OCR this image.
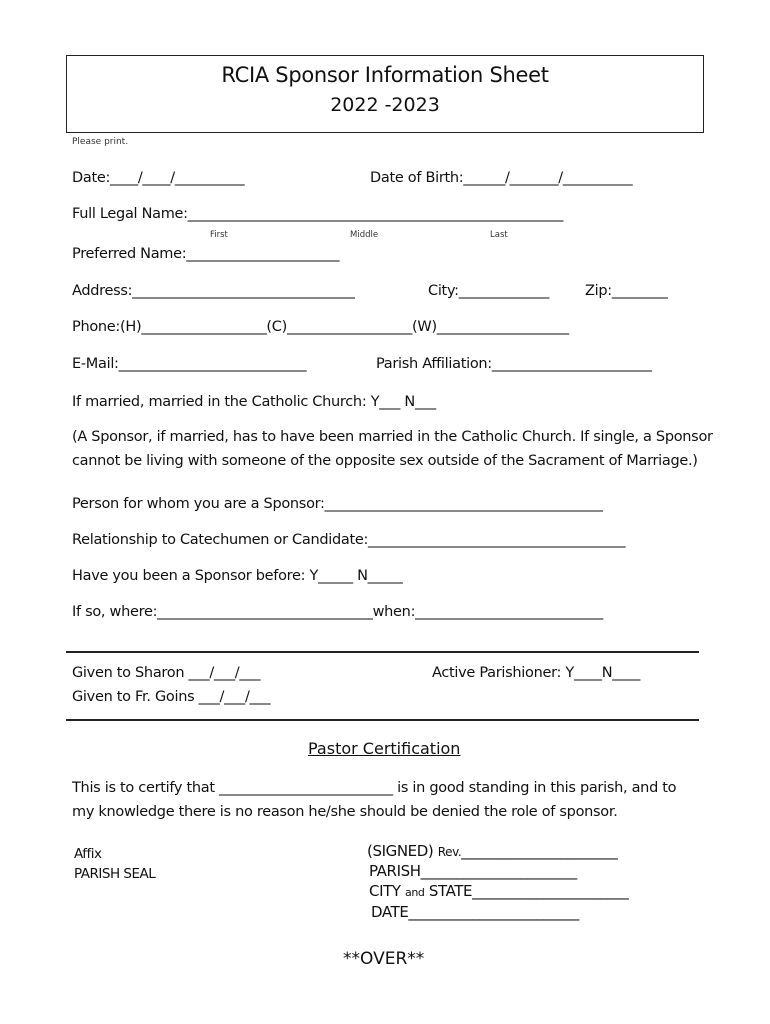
RCIA Sponsor Information Sheet
2022 -2023
Please print.
Date:____/____/__________	Date of Birth:______/_______/__________
Full Legal Name:______________________________________________________
First	Middle	Last
Preferred Name:______________________
Address:________________________________	City:_____________ Zip:________
Phone:(H)__________________(C)__________________(W)___________________
E-Mail:___________________________	Parish Affiliation:_______________________
If married, married in the Catholic Church: Y___ N___
(A Sponsor, if married, has to have been married in the Catholic Church. If single, a Sponsor
cannot be living with someone of the opposite sex outside of the Sacrament of Marriage.)
Person for whom you are a Sponsor:________________________________________
Relationship to Catechumen or Candidate:_____________________________________
Have you been a Sponsor before: Y_____ N_____
If so, where:_______________________________when:___________________________
Given to Sharon ___/___/___	Active Parishioner: Y____N____
Given to Fr. Goins ___/___/___
Pastor Certification
This is to certify that _________________________ is in good standing in this parish, and to
my knowledge there is no reason he/she should be denied the role of sponsor.
Affix
PARISH SEAL
(SIGNED) Rev.______________________
PARISH______________________
CITY and STATE______________________
DATE________________________
**OVER**
